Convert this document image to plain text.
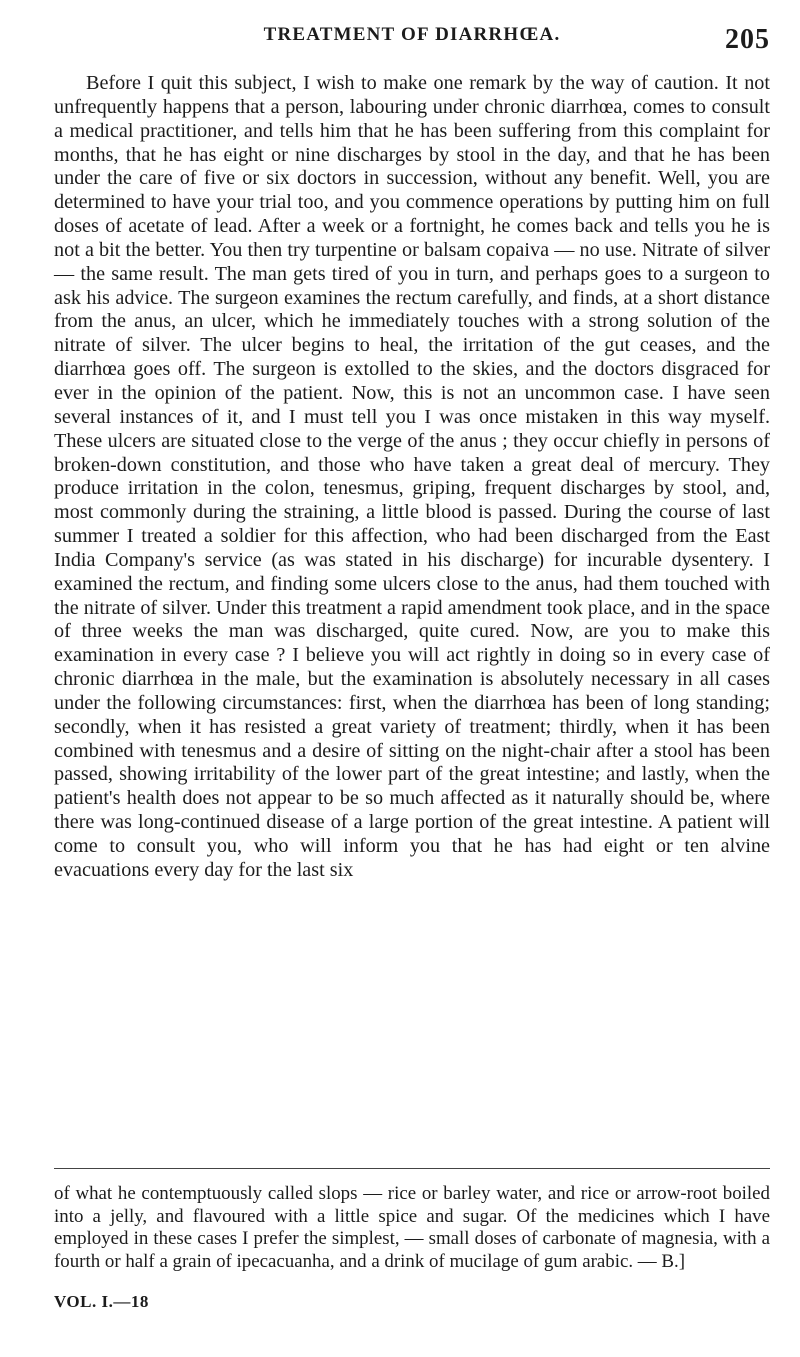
TREATMENT OF DIARRHŒA.	205

Before I quit this subject, I wish to make one remark by the way of caution. It not unfrequently happens that a person, labouring under chronic diarrhœa, comes to consult a medical practitioner, and tells him that he has been suffering from this complaint for months, that he has eight or nine discharges by stool in the day, and that he has been under the care of five or six doctors in succession, without any benefit. Well, you are determined to have your trial too, and you commence operations by putting him on full doses of acetate of lead. After a week or a fortnight, he comes back and tells you he is not a bit the better. You then try turpentine or balsam copaiva — no use. Nitrate of silver — the same result. The man gets tired of you in turn, and perhaps goes to a surgeon to ask his advice. The surgeon examines the rectum carefully, and finds, at a short distance from the anus, an ulcer, which he immediately touches with a strong solution of the nitrate of silver. The ulcer begins to heal, the irritation of the gut ceases, and the diarrhœa goes off. The surgeon is extolled to the skies, and the doctors disgraced for ever in the opinion of the patient. Now, this is not an uncommon case. I have seen several instances of it, and I must tell you I was once mistaken in this way myself. These ulcers are situated close to the verge of the anus ; they occur chiefly in persons of broken-down constitution, and those who have taken a great deal of mercury. They produce irritation in the colon, tenesmus, griping, frequent discharges by stool, and, most commonly during the straining, a little blood is passed. During the course of last summer I treated a soldier for this affection, who had been discharged from the East India Company's service (as was stated in his discharge) for incurable dysentery. I examined the rectum, and finding some ulcers close to the anus, had them touched with the nitrate of silver. Under this treatment a rapid amendment took place, and in the space of three weeks the man was discharged, quite cured. Now, are you to make this examination in every case ? I believe you will act rightly in doing so in every case of chronic diarrhœa in the male, but the examination is absolutely necessary in all cases under the following circumstances: first, when the diarrhœa has been of long standing; secondly, when it has resisted a great variety of treatment; thirdly, when it has been combined with tenesmus and a desire of sitting on the night-chair after a stool has been passed, showing irritability of the lower part of the great intestine; and lastly, when the patient's health does not appear to be so much affected as it naturally should be, where there was long-continued disease of a large portion of the great intestine. A patient will come to consult you, who will inform you that he has had eight or ten alvine evacuations every day for the last six

of what he contemptuously called slops — rice or barley water, and rice or arrow-root boiled into a jelly, and flavoured with a little spice and sugar. Of the medicines which I have employed in these cases I prefer the simplest, — small doses of carbonate of magnesia, with a fourth or half a grain of ipecacuanha, and a drink of mucilage of gum arabic. — B.]

VOL. I.—18
